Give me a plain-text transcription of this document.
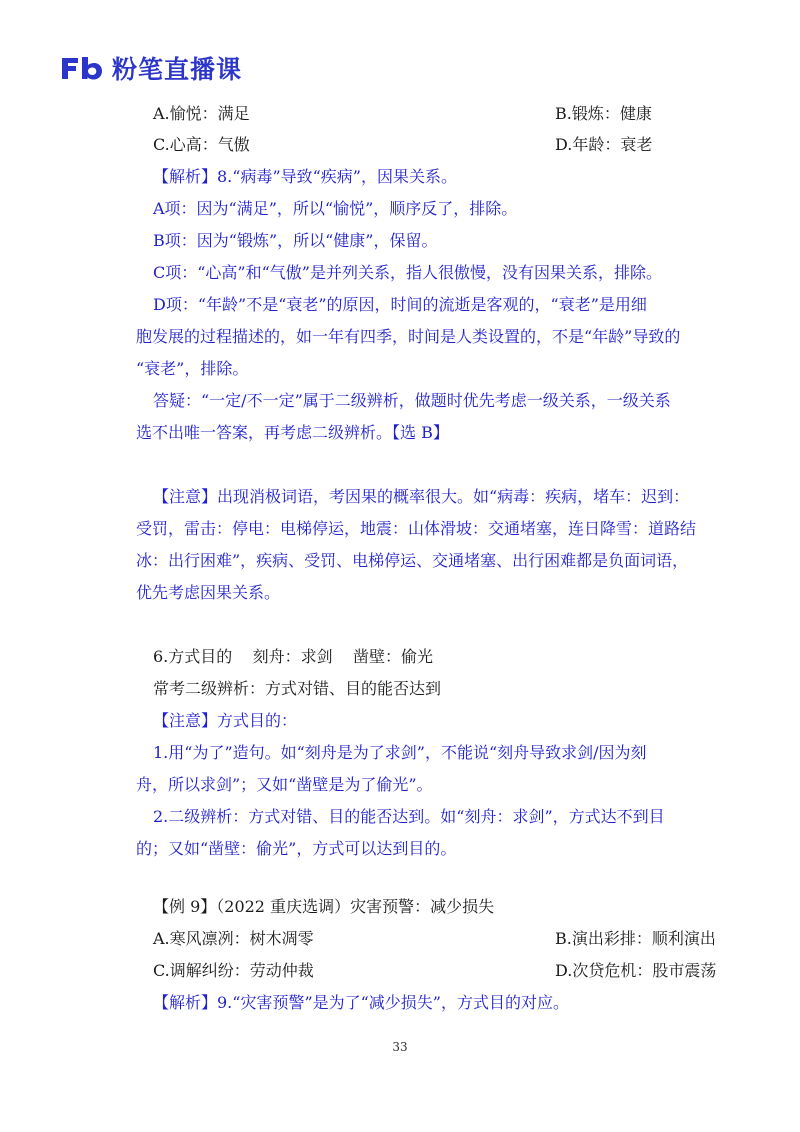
粉笔直播课
A.愉悦：满足	B.锻炼：健康
C.心高：气傲	D.年龄：衰老
【解析】8.“病毒”导致“疾病”，因果关系。
A项：因为“满足”，所以“愉悦”，顺序反了，排除。
B项：因为“锻炼”，所以“健康”，保留。
C项：“心高”和“气傲”是并列关系，指人很傲慢，没有因果关系，排除。
D项：“年龄”不是“衰老”的原因，时间的流逝是客观的，“衰老”是用细
胞发展的过程描述的，如一年有四季，时间是人类设置的，不是“年龄”导致的
“衰老”，排除。
答疑：“一定/不一定”属于二级辨析，做题时优先考虑一级关系，一级关系
选不出唯一答案，再考虑二级辨析。【选 B】
【注意】出现消极词语，考因果的概率很大。如“病毒：疾病，堵车：迟到：
受罚，雷击：停电：电梯停运，地震：山体滑坡：交通堵塞，连日降雪：道路结
冰：出行困难”，疾病、受罚、电梯停运、交通堵塞、出行困难都是负面词语，
优先考虑因果关系。
6.方式目的    刻舟：求剑    凿壁：偷光
常考二级辨析：方式对错、目的能否达到
【注意】方式目的：
1.用“为了”造句。如“刻舟是为了求剑”，不能说“刻舟导致求剑/因为刻
舟，所以求剑”；又如“凿壁是为了偷光”。
2.二级辨析：方式对错、目的能否达到。如“刻舟：求剑”，方式达不到目
的；又如“凿壁：偷光”，方式可以达到目的。
【例 9】（2022 重庆选调）灾害预警：减少损失
A.寒风凛冽：树木凋零	B.演出彩排：顺利演出
C.调解纠纷：劳动仲裁	D.次贷危机：股市震荡
【解析】9.“灾害预警”是为了“减少损失”，方式目的对应。
33
